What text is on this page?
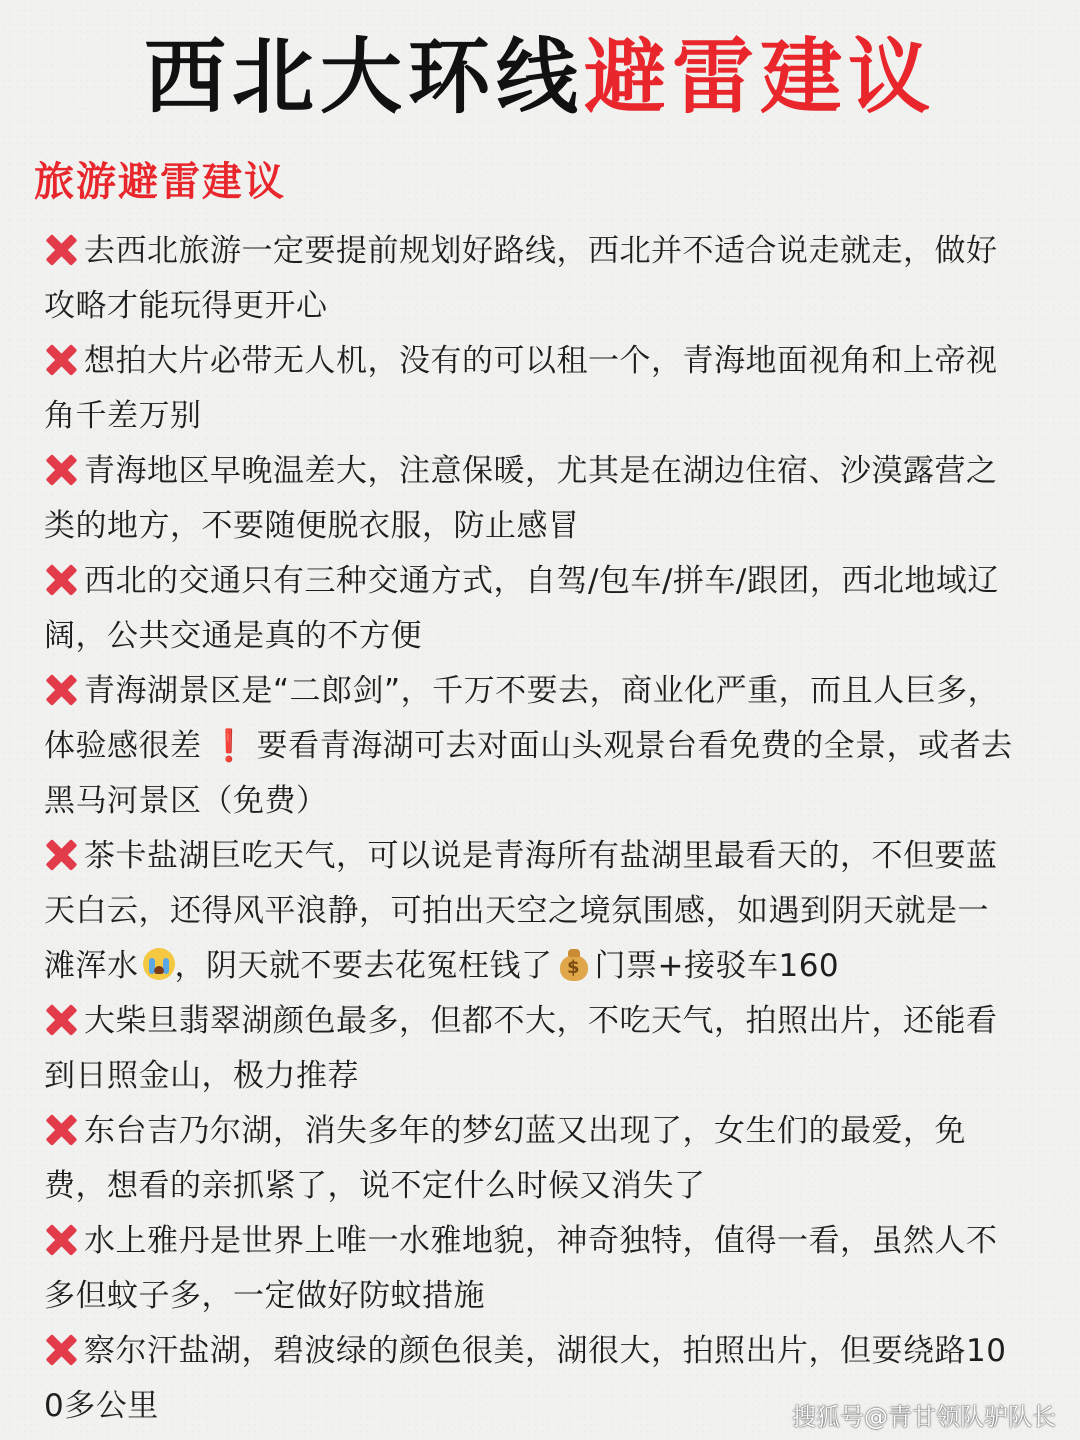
西北大环线避雷建议
旅游避雷建议
去西北旅游一定要提前规划好路线，西北并不适合说走就走，做好攻略才能玩得更开心
想拍大片必带无人机，没有的可以租一个，青海地面视角和上帝视角千差万别
青海地区早晚温差大，注意保暖，尤其是在湖边住宿、沙漠露营之类的地方，不要随便脱衣服，防止感冒
西北的交通只有三种交通方式，自驾/包车/拼车/跟团，西北地域辽阔，公共交通是真的不方便
青海湖景区是“二郎剑”，千万不要去，商业化严重，而且人巨多，体验感很差 ❗ 要看青海湖可去对面山头观景台看免费的全景，或者去黑马河景区（免费）
茶卡盐湖巨吃天气，可以说是青海所有盐湖里最看天的，不但要蓝天白云，还得风平浪静，可拍出天空之境氛围感，如遇到阴天就是一滩浑水 ，阴天就不要去花冤枉钱了$ 门票+接驳车160
大柴旦翡翠湖颜色最多，但都不大，不吃天气，拍照出片，还能看到日照金山，极力推荐
东台吉乃尔湖，消失多年的梦幻蓝又出现了，女生们的最爱，免费，想看的亲抓紧了，说不定什么时候又消失了
水上雅丹是世界上唯一水雅地貌，神奇独特，值得一看，虽然人不多但蚊子多，一定做好防蚊措施
察尔汗盐湖，碧波绿的颜色很美，湖很大，拍照出片，但要绕路100多公里	搜狐号@青甘领队驴队长
